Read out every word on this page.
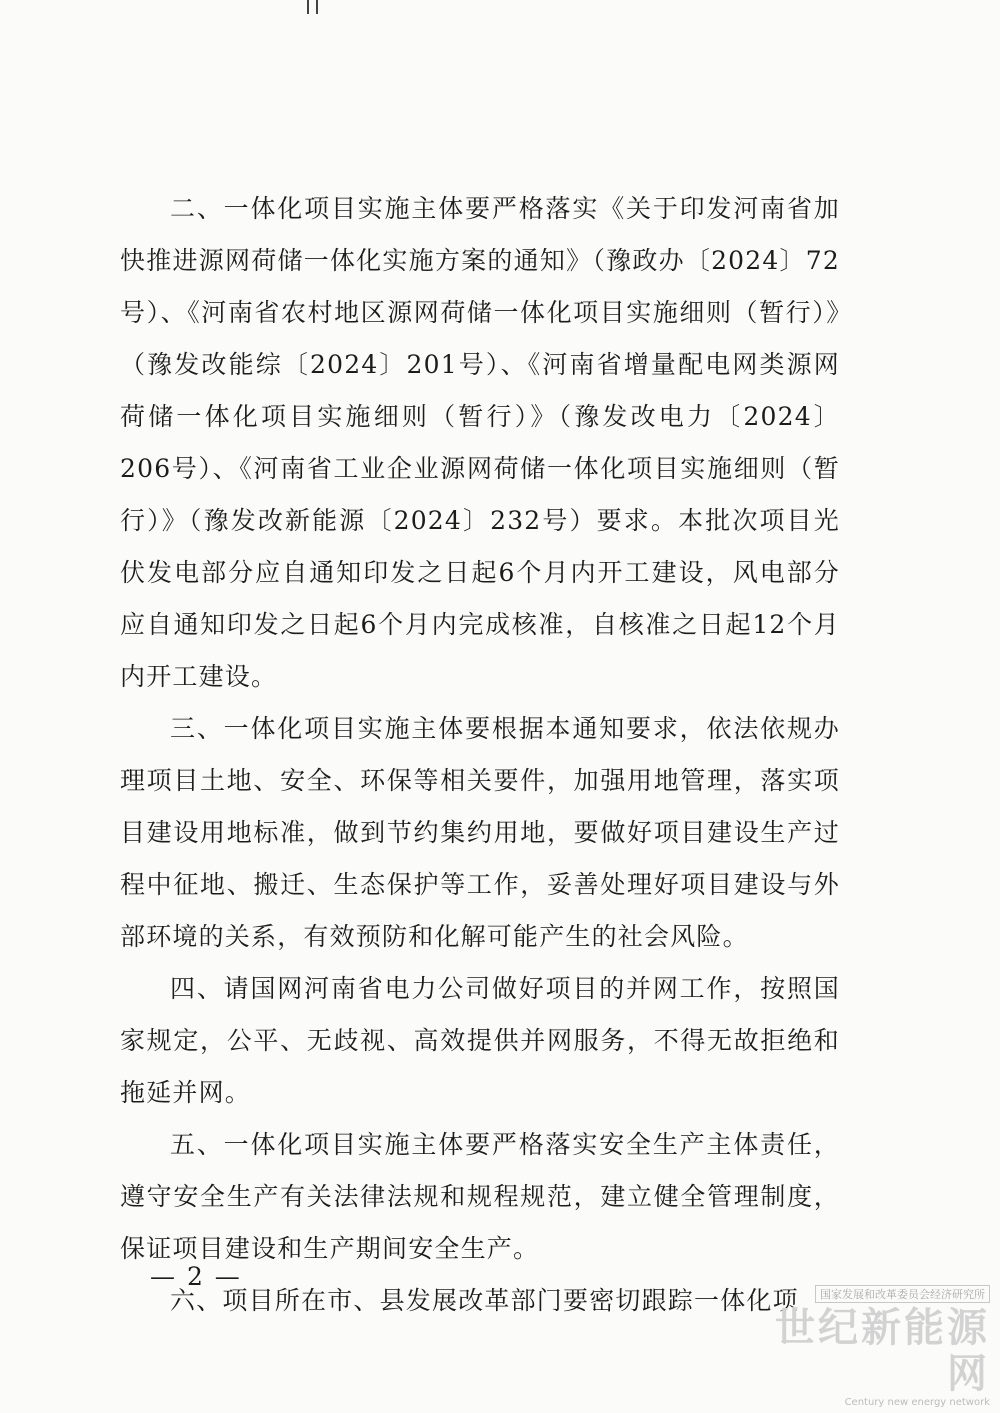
二、一体化项目实施主体要严格落实《关于印发河南省加快推进源网荷储一体化实施方案的通知》（豫政办〔2024〕72号）、《河南省农村地区源网荷储一体化项目实施细则（暂行）》（豫发改能综〔2024〕201号）、《河南省增量配电网类源网荷储一体化项目实施细则（暂行）》（豫发改电力〔2024〕206号）、《河南省工业企业源网荷储一体化项目实施细则（暂行）》（豫发改新能源〔2024〕232号）要求。本批次项目光伏发电部分应自通知印发之日起6个月内开工建设，风电部分应自通知印发之日起6个月内完成核准，自核准之日起12个月内开工建设。

三、一体化项目实施主体要根据本通知要求，依法依规办理项目土地、安全、环保等相关要件，加强用地管理，落实项目建设用地标准，做到节约集约用地，要做好项目建设生产过程中征地、搬迁、生态保护等工作，妥善处理好项目建设与外部环境的关系，有效预防和化解可能产生的社会风险。

四、请国网河南省电力公司做好项目的并网工作，按照国家规定，公平、无歧视、高效提供并网服务，不得无故拒绝和拖延并网。

五、一体化项目实施主体要严格落实安全生产主体责任，遵守安全生产有关法律法规和规程规范，建立健全管理制度，保证项目建设和生产期间安全生产。

六、项目所在市、县发展改革部门要密切跟踪一体化项

— 2 —
国家发展和改革委员会经济研究所
世纪新能源网
Century new energy network
